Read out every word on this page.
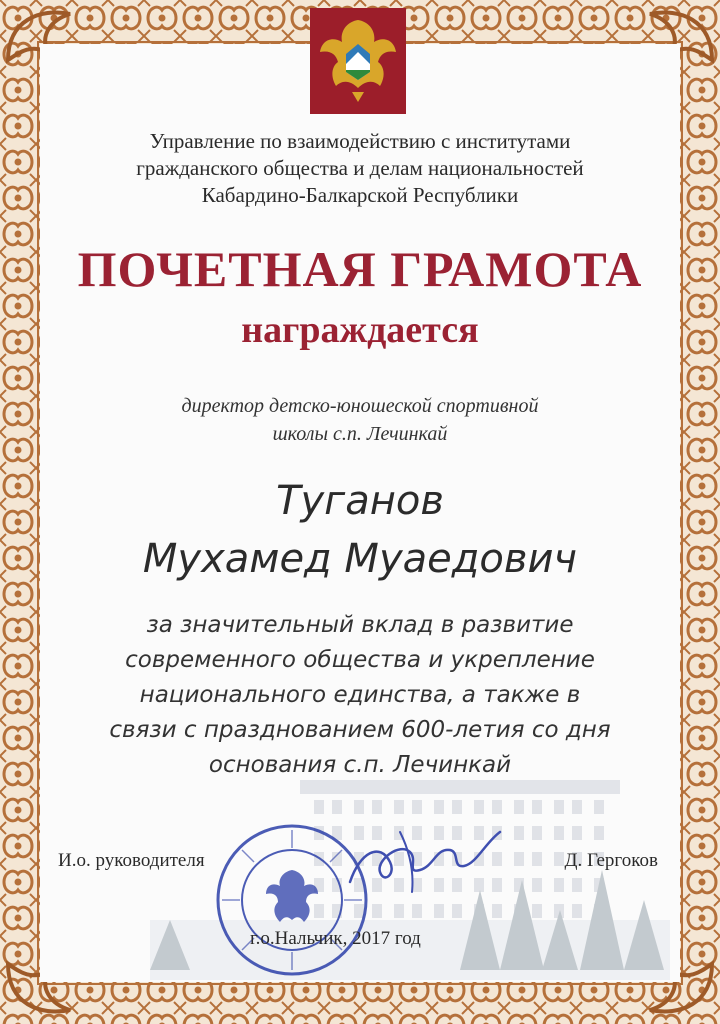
Управление по взаимодействию с институтами
гражданского общества и делам национальностей
Кабардино-Балкарской Республики
ПОЧЕТНАЯ ГРАМОТА
награждается
директор детско-юношеской спортивной
школы с.п. Лечинкай
Туганов
Мухамед Муаедович
за значительный вклад в развитие
современного общества и укрепление
национального единства, а также в
связи с празднованием 600-летия со дня
основания с.п. Лечинкай
И.о. руководителя	Д. Гергоков
г.о.Нальчик, 2017 год
